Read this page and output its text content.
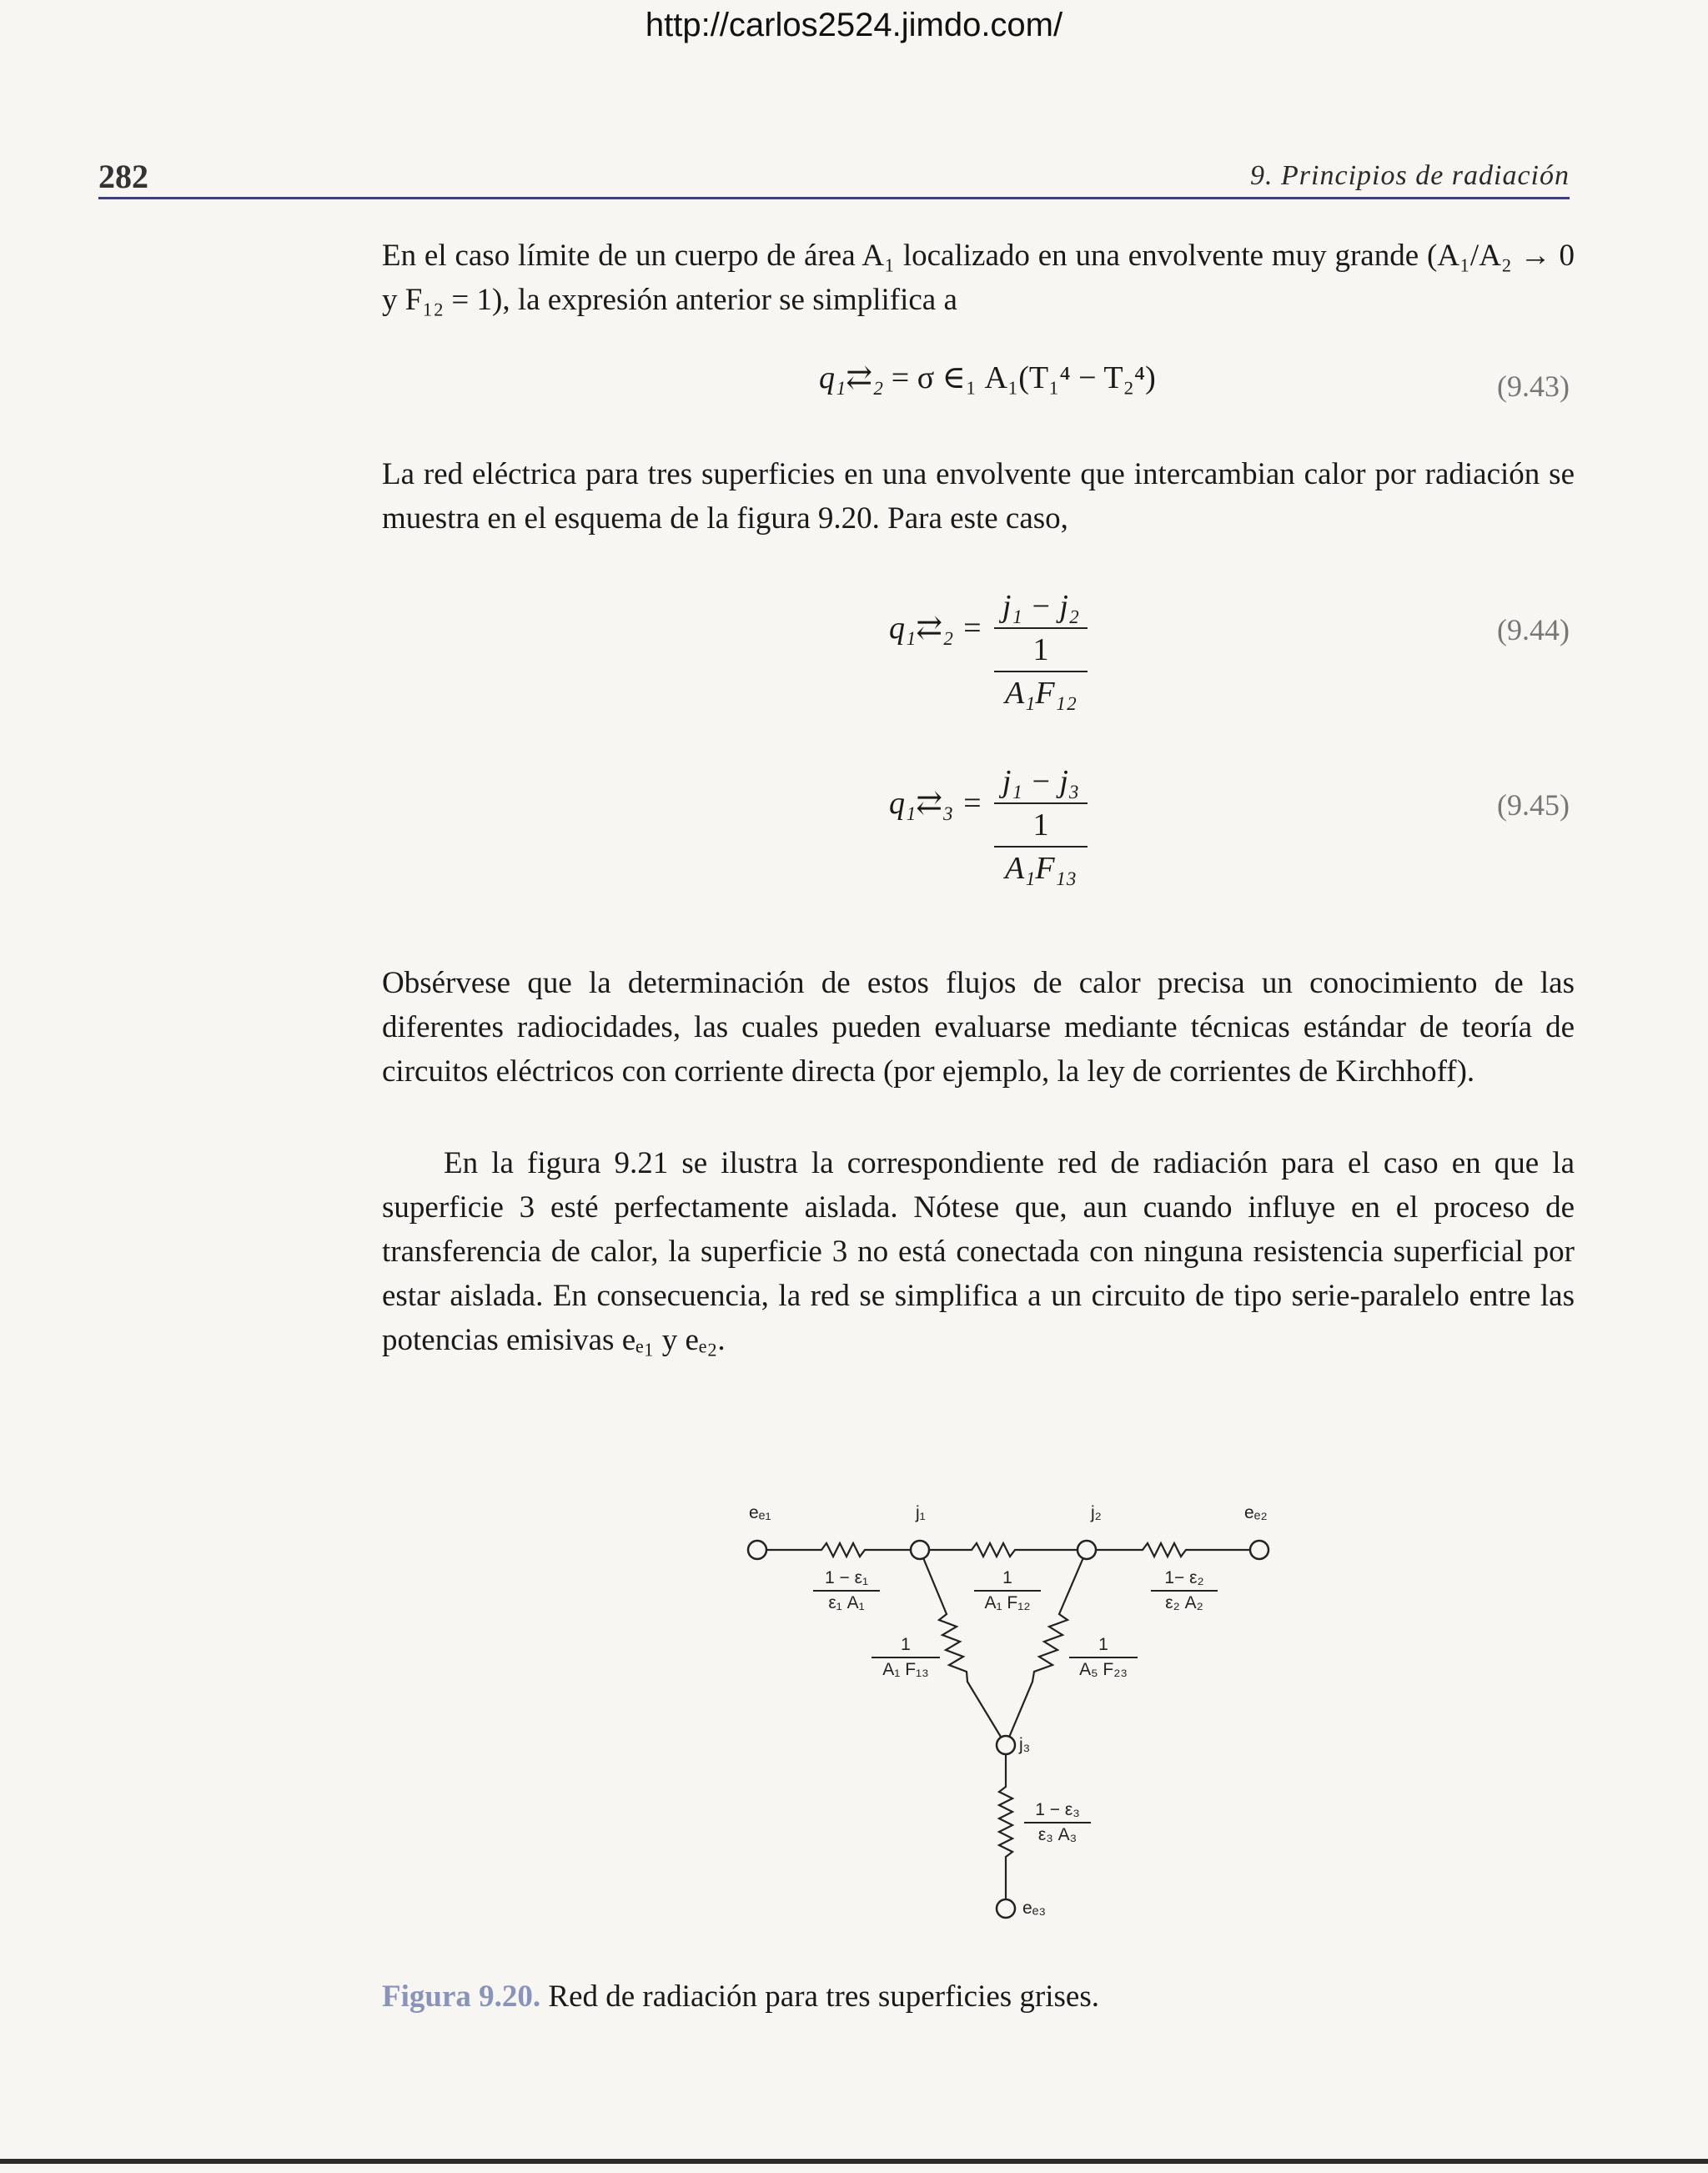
http://carlos2524.jimdo.com/
282	9. Principios de radiación

En el caso límite de un cuerpo de área A₁ localizado en una envolvente muy grande (A₁/A₂ → 0 y F₁₂ = 1), la expresión anterior se simplifica a

q₁⇄₂ = σ ∈₁ A₁(T₁⁴ − T₂⁴)	(9.43)

La red eléctrica para tres superficies en una envolvente que intercambian calor por radiación se muestra en el esquema de la figura 9.20. Para este caso,

q₁⇄₂ =
j₁ − j₂
1
A₁F₁₂
(9.44)
q₁⇄₃ =
j₁ − j₃
1
A₁F₁₃
(9.45)

Obsérvese que la determinación de estos flujos de calor precisa un conocimiento de las diferentes radiocidades, las cuales pueden evaluarse mediante técnicas estándar de teoría de circuitos eléctricos con corriente directa (por ejemplo, la ley de corrientes de Kirchhoff).

En la figura 9.21 se ilustra la correspondiente red de radiación para el caso en que la superficie 3 esté perfectamente aislada. Nótese que, aun cuando influye en el proceso de transferencia de calor, la superficie 3 no está conectada con ninguna resistencia superficial por estar aislada. En consecuencia, la red se simplifica a un circuito de tipo serie-paralelo entre las potencias emisivas eₑ₁ y eₑ₂.

eₑ₁	j₁	j₂	eₑ₂
j₃
eₑ₃
1 − ε₁
ε₁ A₁
1
A₁ F₁₂
1− ε₂
ε₂ A₂
1
A₁ F₁₃
1
A₅ F₂₃
1 − ε₃
ε₃ A₃
Figura 9.20. Red de radiación para tres superficies grises.
